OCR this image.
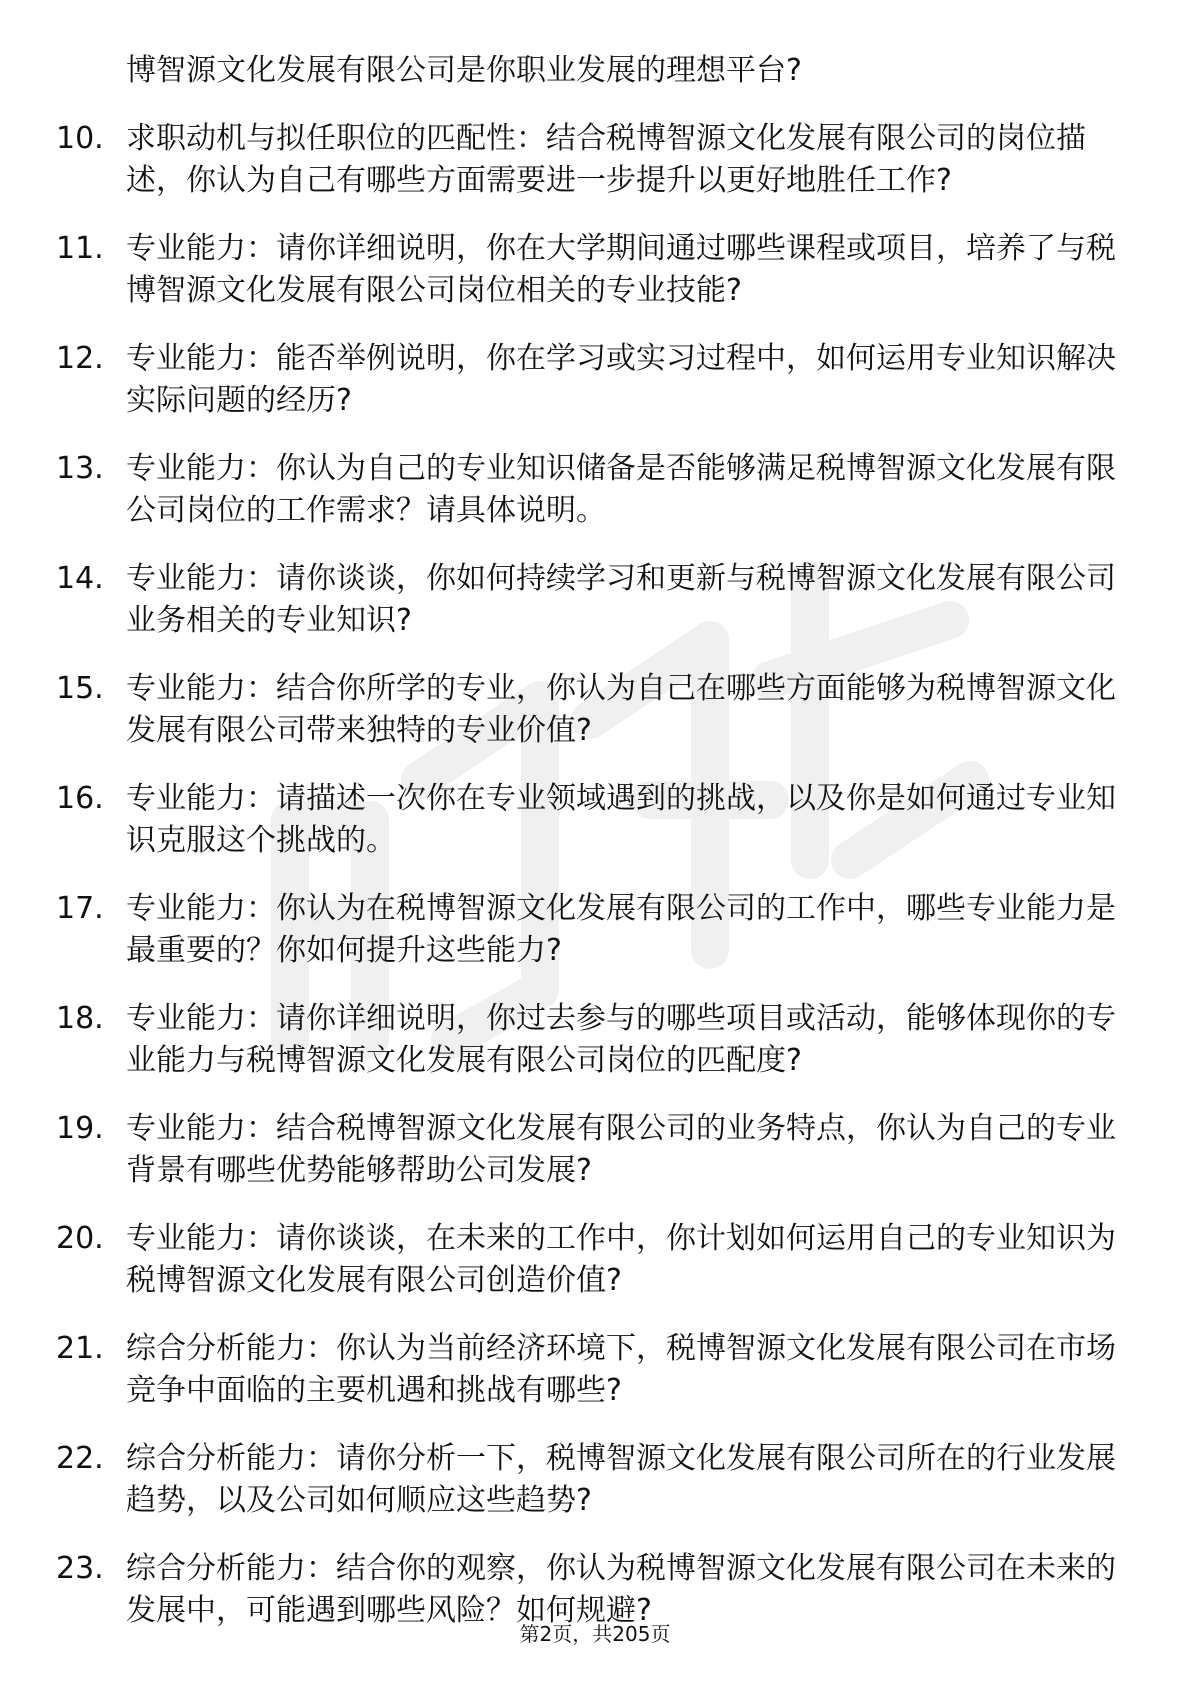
博智源文化发展有限公司是你职业发展的理想平台?
10. 求职动机与拟任职位的匹配性：结合税博智源文化发展有限公司的岗位描述，你认为自己有哪些方面需要进一步提升以更好地胜任工作?
11. 专业能力：请你详细说明，你在大学期间通过哪些课程或项目，培养了与税博智源文化发展有限公司岗位相关的专业技能?
12. 专业能力：能否举例说明，你在学习或实习过程中，如何运用专业知识解决实际问题的经历?
13. 专业能力：你认为自己的专业知识储备是否能够满足税博智源文化发展有限公司岗位的工作需求？请具体说明。
14. 专业能力：请你谈谈，你如何持续学习和更新与税博智源文化发展有限公司业务相关的专业知识?
15. 专业能力：结合你所学的专业，你认为自己在哪些方面能够为税博智源文化发展有限公司带来独特的专业价值?
16. 专业能力：请描述一次你在专业领域遇到的挑战，以及你是如何通过专业知识克服这个挑战的。
17. 专业能力：你认为在税博智源文化发展有限公司的工作中，哪些专业能力是最重要的？你如何提升这些能力?
18. 专业能力：请你详细说明，你过去参与的哪些项目或活动，能够体现你的专业能力与税博智源文化发展有限公司岗位的匹配度?
19. 专业能力：结合税博智源文化发展有限公司的业务特点，你认为自己的专业背景有哪些优势能够帮助公司发展?
20. 专业能力：请你谈谈，在未来的工作中，你计划如何运用自己的专业知识为税博智源文化发展有限公司创造价值?
21. 综合分析能力：你认为当前经济环境下，税博智源文化发展有限公司在市场竞争中面临的主要机遇和挑战有哪些?
22. 综合分析能力：请你分析一下，税博智源文化发展有限公司所在的行业发展趋势，以及公司如何顺应这些趋势?
23. 综合分析能力：结合你的观察，你认为税博智源文化发展有限公司在未来的发展中，可能遇到哪些风险？如何规避?
第2页，共205页
